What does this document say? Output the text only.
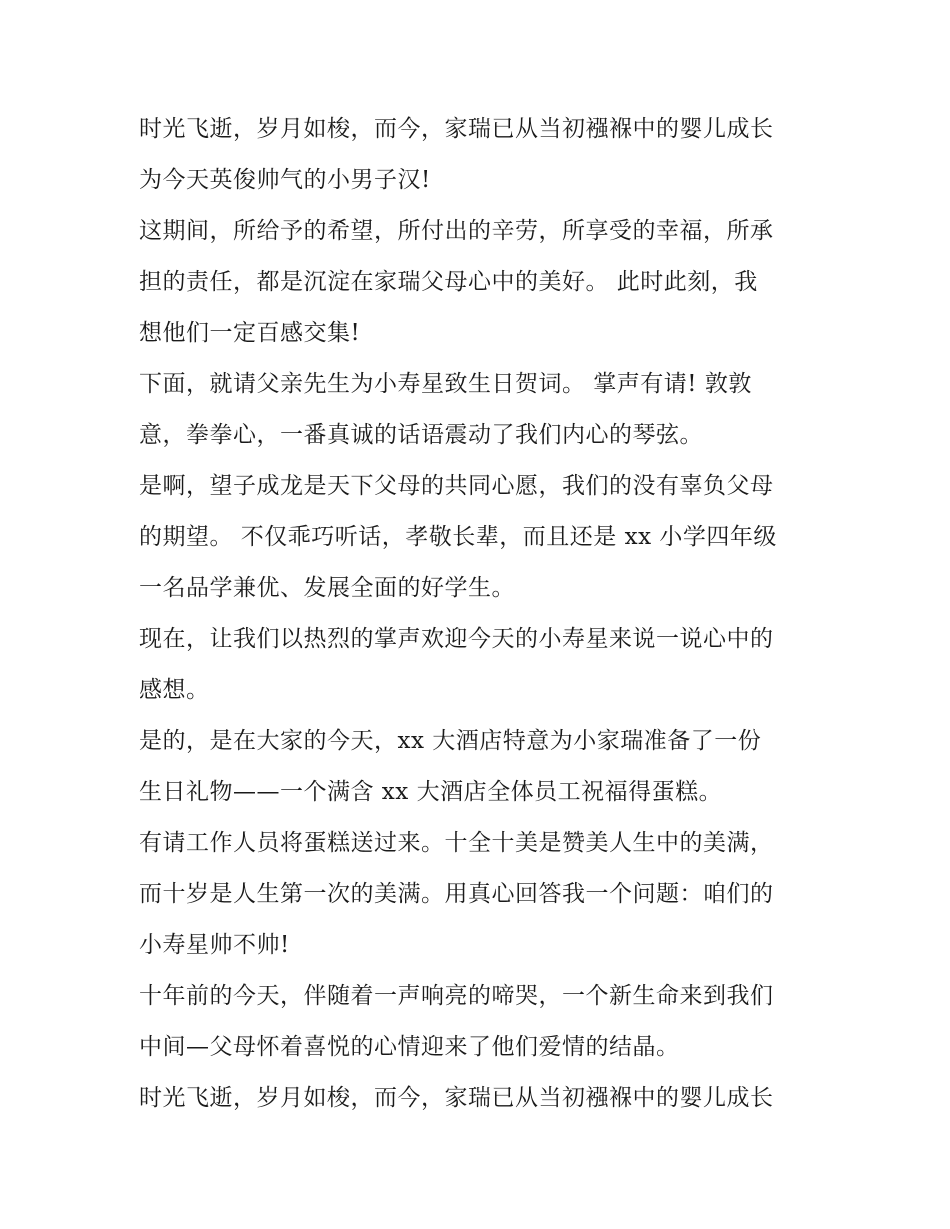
时光飞逝，岁月如梭，而今，家瑞已从当初襁褓中的婴儿成长
为今天英俊帅气的小男子汉!
这期间，所给予的希望，所付出的辛劳，所享受的幸福，所承
担的责任，都是沉淀在家瑞父母心中的美好。 此时此刻，我
想他们一定百感交集!
下面，就请父亲先生为小寿星致生日贺词。 掌声有请! 敦敦
意，拳拳心，一番真诚的话语震动了我们内心的琴弦。
是啊，望子成龙是天下父母的共同心愿，我们的没有辜负父母
的期望。 不仅乖巧听话，孝敬长辈，而且还是 xx 小学四年级
一名品学兼优、发展全面的好学生。
现在，让我们以热烈的掌声欢迎今天的小寿星来说一说心中的
感想。
是的，是在大家的今天，xx 大酒店特意为小家瑞准备了一份
生日礼物——一个满含 xx 大酒店全体员工祝福得蛋糕。
有请工作人员将蛋糕送过来。十全十美是赞美人生中的美满，
而十岁是人生第一次的美满。用真心回答我一个问题：咱们的
小寿星帅不帅!
十年前的今天，伴随着一声响亮的啼哭，一个新生命来到我们
中间—父母怀着喜悦的心情迎来了他们爱情的结晶。
时光飞逝，岁月如梭，而今，家瑞已从当初襁褓中的婴儿成长
